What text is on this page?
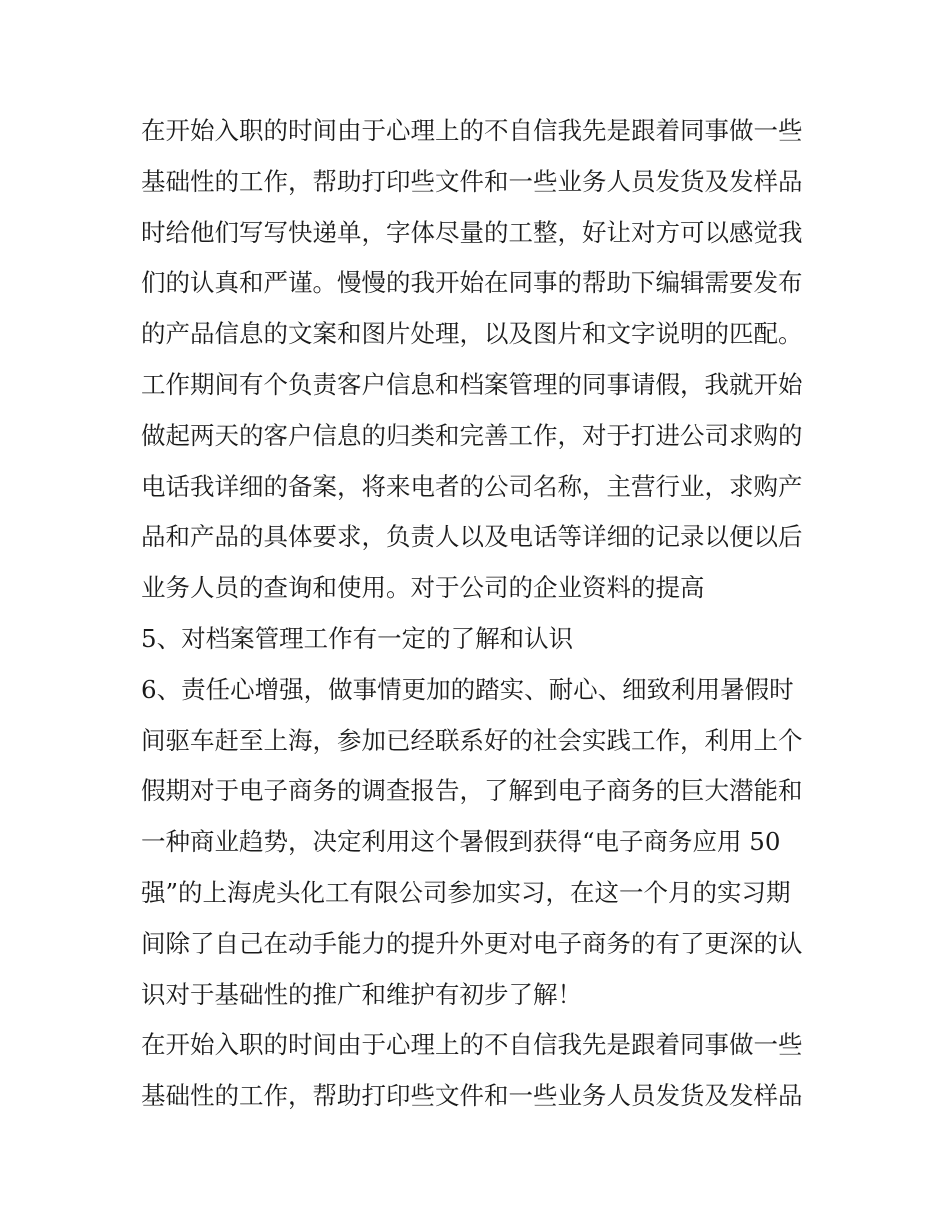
在开始入职的时间由于心理上的不自信我先是跟着同事做一些
基础性的工作，帮助打印些文件和一些业务人员发货及发样品
时给他们写写快递单，字体尽量的工整，好让对方可以感觉我
们的认真和严谨。慢慢的我开始在同事的帮助下编辑需要发布
的产品信息的文案和图片处理，以及图片和文字说明的匹配。
工作期间有个负责客户信息和档案管理的同事请假，我就开始
做起两天的客户信息的归类和完善工作，对于打进公司求购的
电话我详细的备案，将来电者的公司名称，主营行业，求购产
品和产品的具体要求，负责人以及电话等详细的记录以便以后
业务人员的查询和使用。对于公司的企业资料的提高
5、对档案管理工作有一定的了解和认识
6、责任心增强，做事情更加的踏实、耐心、细致利用暑假时
间驱车赶至上海，参加已经联系好的社会实践工作，利用上个
假期对于电子商务的调查报告，了解到电子商务的巨大潜能和
一种商业趋势，决定利用这个暑假到获得“电子商务应用 50
强”的上海虎头化工有限公司参加实习，在这一个月的实习期
间除了自己在动手能力的提升外更对电子商务的有了更深的认
识对于基础性的推广和维护有初步了解！
在开始入职的时间由于心理上的不自信我先是跟着同事做一些
基础性的工作，帮助打印些文件和一些业务人员发货及发样品
